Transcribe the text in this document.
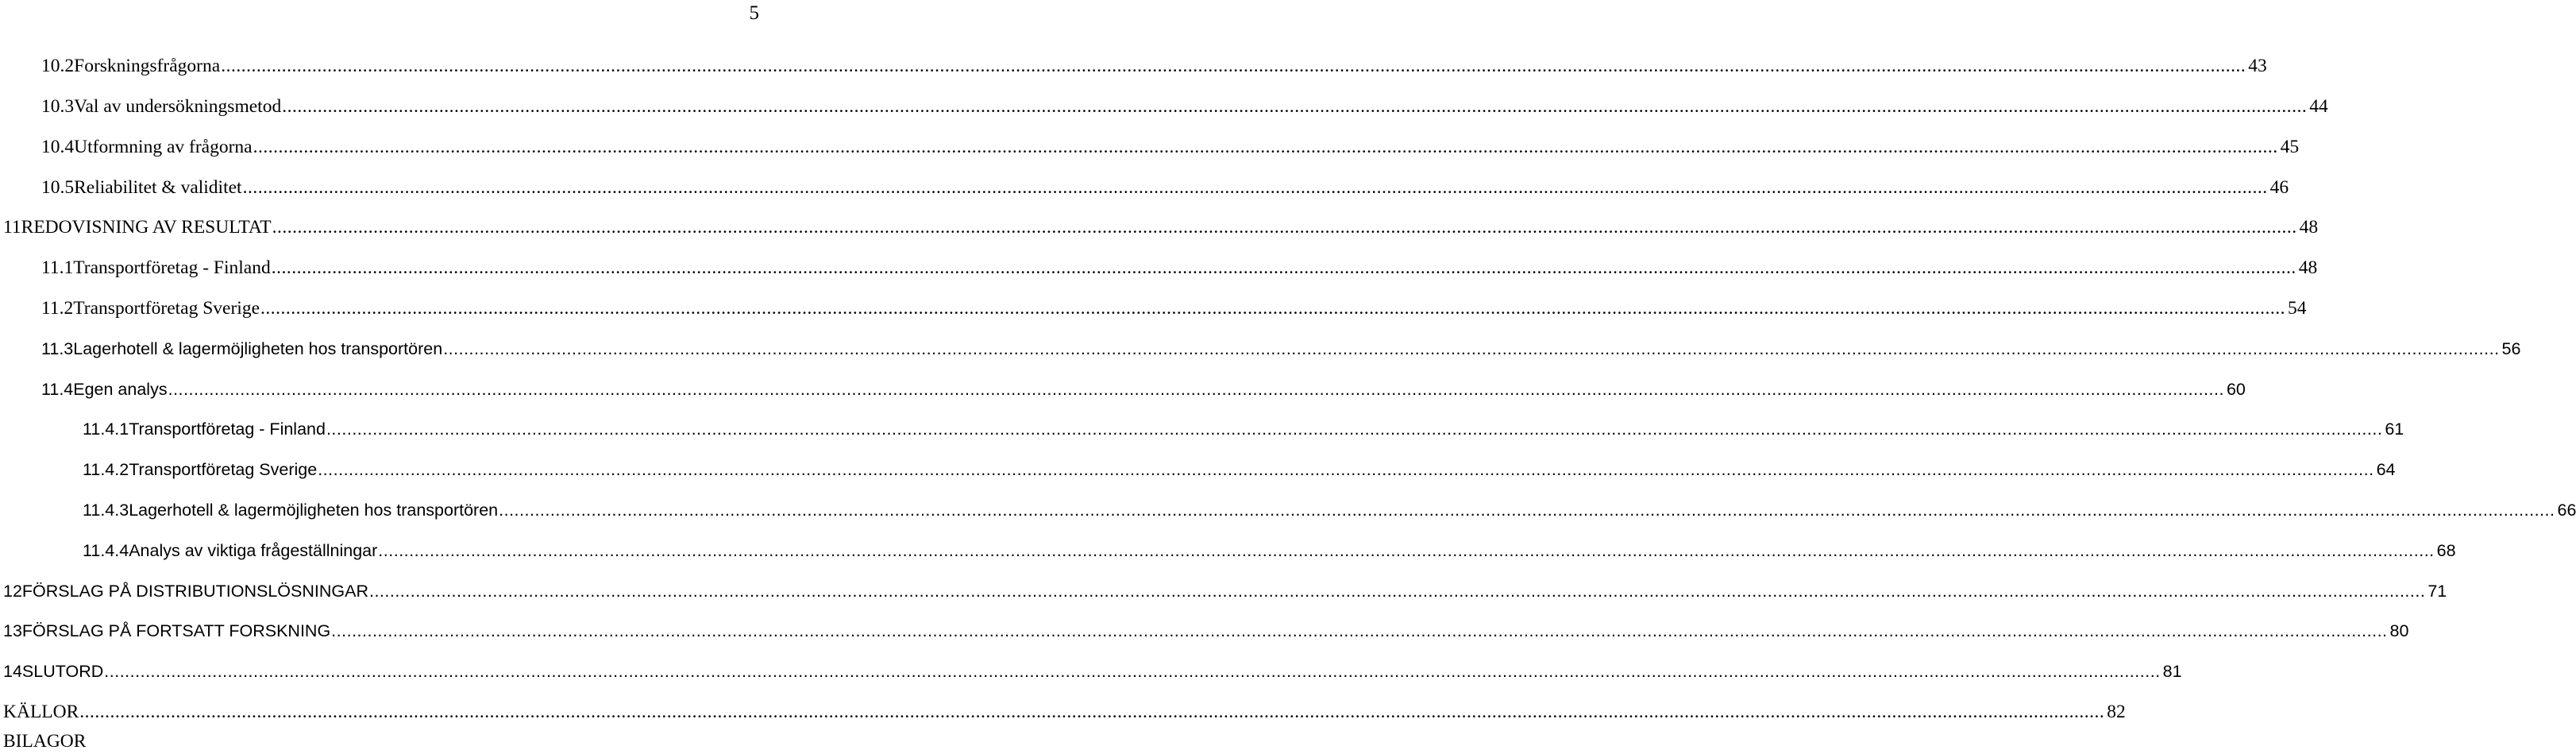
5
10.2 Forskningsfrågorna ................................................................................................................................................................................................................................................................................................................................................................................................................ 43
10.3 Val av undersökningsmetod ................................................................................................................................................................................................................................................................................................................................................................................................................ 44
10.4 Utformning av frågorna ................................................................................................................................................................................................................................................................................................................................................................................................................ 45
10.5 Reliabilitet & validitet ................................................................................................................................................................................................................................................................................................................................................................................................................ 46
11 REDOVISNING AV RESULTAT ................................................................................................................................................................................................................................................................................................................................................................................................................ 48
11.1 Transportföretag - Finland ................................................................................................................................................................................................................................................................................................................................................................................................................ 48
11.2 Transportföretag Sverige ................................................................................................................................................................................................................................................................................................................................................................................................................ 54
11.3 Lagerhotell & lagermöjligheten hos transportören ................................................................................................................................................................................................................................................................................................................................................................................................................ 56
11.4 Egen analys ................................................................................................................................................................................................................................................................................................................................................................................................................ 60
11.4.1 Transportföretag - Finland ................................................................................................................................................................................................................................................................................................................................................................................................................ 61
11.4.2 Transportföretag Sverige ................................................................................................................................................................................................................................................................................................................................................................................................................ 64
11.4.3 Lagerhotell & lagermöjligheten hos transportören ................................................................................................................................................................................................................................................................................................................................................................................................................ 66
11.4.4 Analys av viktiga frågeställningar ................................................................................................................................................................................................................................................................................................................................................................................................................ 68
12 FÖRSLAG PÅ DISTRIBUTIONSLÖSNINGAR ................................................................................................................................................................................................................................................................................................................................................................................................................ 71
13 FÖRSLAG PÅ FORTSATT FORSKNING ................................................................................................................................................................................................................................................................................................................................................................................................................ 80
14 SLUTORD ................................................................................................................................................................................................................................................................................................................................................................................................................ 81
KÄLLOR ................................................................................................................................................................................................................................................................................................................................................................................................................ 82
BILAGOR
